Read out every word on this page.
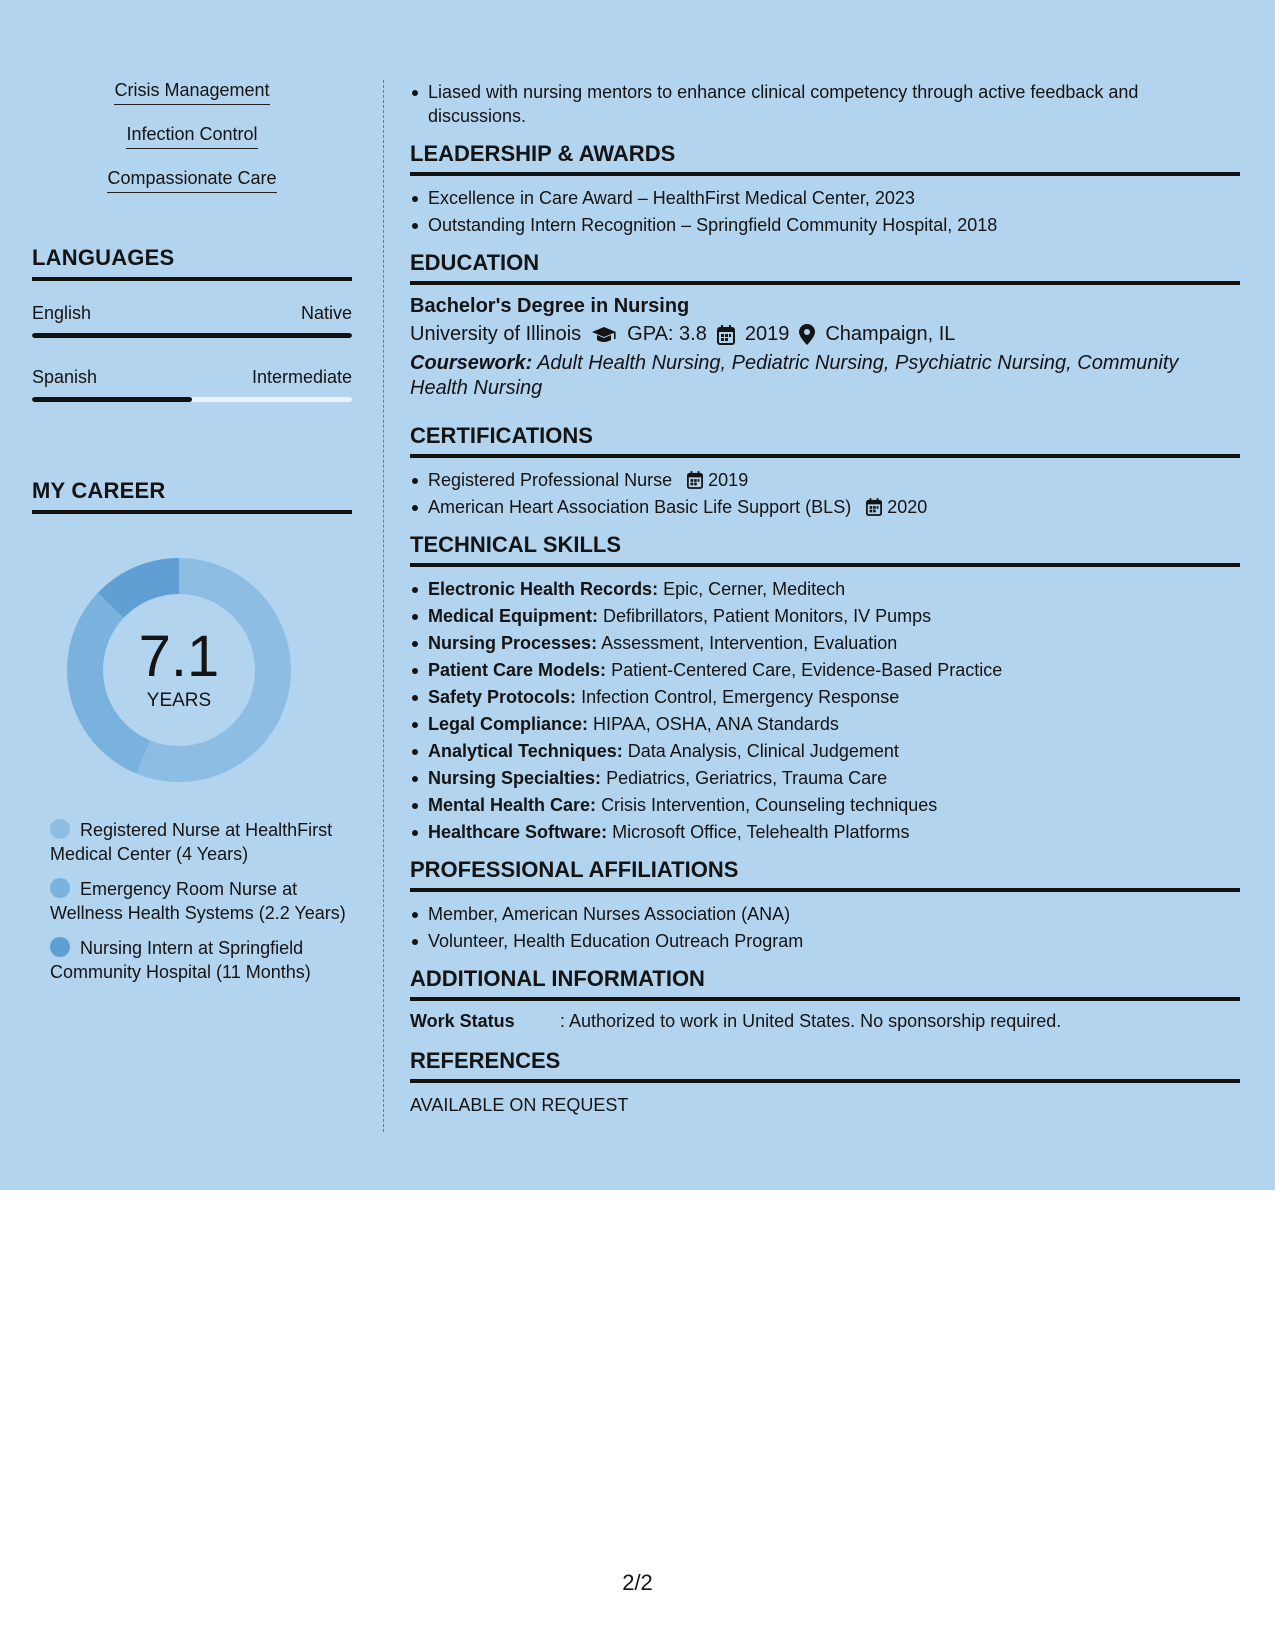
Crisis Management
Infection Control
Compassionate Care
LANGUAGES
English	Native
Spanish	Intermediate
MY CAREER
7.1
YEARS
Registered Nurse at HealthFirst Medical Center (4 Years)
Emergency Room Nurse at Wellness Health Systems (2.2 Years)
Nursing Intern at Springfield Community Hospital (11 Months)
Liased with nursing mentors to enhance clinical competency through active feedback and discussions.
LEADERSHIP & AWARDS
Excellence in Care Award – HealthFirst Medical Center, 2023
Outstanding Intern Recognition – Springfield Community Hospital, 2018
EDUCATION
Bachelor's Degree in Nursing
University of Illinois GPA: 3.8 2019 Champaign, IL
Coursework: Adult Health Nursing, Pediatric Nursing, Psychiatric Nursing, Community Health Nursing
CERTIFICATIONS
Registered Professional Nurse 2019
American Heart Association Basic Life Support (BLS) 2020
TECHNICAL SKILLS
Electronic Health Records: Epic, Cerner, Meditech
Medical Equipment: Defibrillators, Patient Monitors, IV Pumps
Nursing Processes: Assessment, Intervention, Evaluation
Patient Care Models: Patient-Centered Care, Evidence-Based Practice
Safety Protocols: Infection Control, Emergency Response
Legal Compliance: HIPAA, OSHA, ANA Standards
Analytical Techniques: Data Analysis, Clinical Judgement
Nursing Specialties: Pediatrics, Geriatrics, Trauma Care
Mental Health Care: Crisis Intervention, Counseling techniques
Healthcare Software: Microsoft Office, Telehealth Platforms
PROFESSIONAL AFFILIATIONS
Member, American Nurses Association (ANA)
Volunteer, Health Education Outreach Program
ADDITIONAL INFORMATION
Work Status	: Authorized to work in United States. No sponsorship required.
REFERENCES
AVAILABLE ON REQUEST
2/2
